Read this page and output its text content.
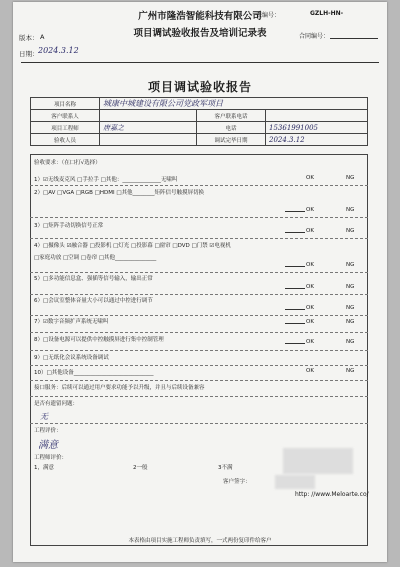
广州市隆浩智能科技有限公司
表编号：	GZLH-HN-
版本： A	项目调试验收报告及培训记录表	合同编号：
日期： 2024.3.12
项目调试验收报告
项目名称	城康中城建设有限公司党政军项目		
客户联系人		客户联系电话	
项目工程师	唐嘉之	电话	15361991005
验收人员		调试完毕日期	2024.3.12
验收要求：（在口打√选择）
1）☑无线麦克风 □手拉手 □其他：______________无啸叫	OK	NG
2）□AV □VGA □RGB □HDMI □其他________矩阵信号触摸屏切换
OK	NG
3）□矩阵手动切换信号正常
OK	NG
4）□摄像头 ☑融合器 □投影机 □灯光 □投影幕 □窗帘 □DVD □门禁 ☑电视机
□家庭功放 □空调 □卷帘 □其他_______________
OK	NG
5）□多功能信息盒、强插等信号输入，输出正常
OK	NG
6）□会议室整体音量大小可以通过中控进行调节
OK	NG
7）☑数字音频扩声系统无啸叫	OK	NG
8）□设备电源可以提供中控触摸屏进行集中控制管理	OK	NG
9）□无纸化会议系统设备调试
10）□其他设备_____________________________	OK	NG
接口服务：后续可以通过用户要求功能予以升级，并且与后续设备兼容
是否有遗留问题：
无
工程评价：
满意
工程师评价：
1，满意	2一般	3不满
客户签字：
http: //www.Meloarte.co/
本表格由项目实施工程师负责填写，一式两份复印件给客户
